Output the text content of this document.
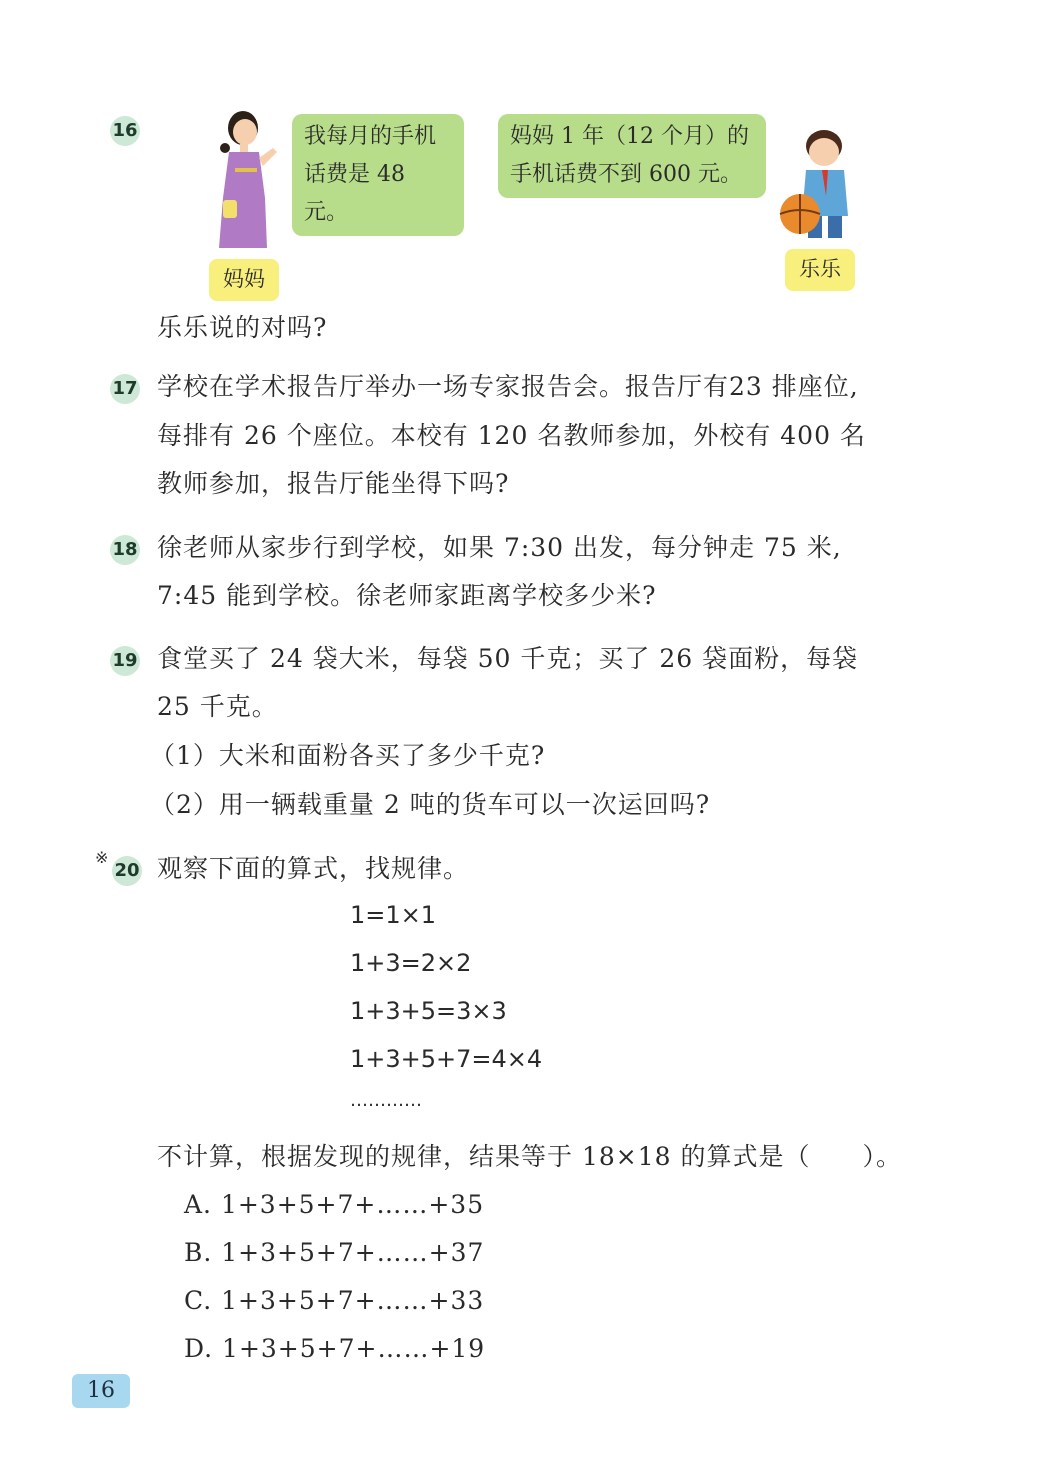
16	我每月的手机
话费是 48 元。
妈妈
妈妈 1 年（12 个月）的
手机话费不到 600 元。
乐乐
乐乐说的对吗?
17 学校在学术报告厅举办一场专家报告会。报告厅有23 排座位,
每排有 26 个座位。本校有 120 名教师参加，外校有 400 名
教师参加，报告厅能坐得下吗?
18 徐老师从家步行到学校，如果 7:30 出发，每分钟走 75 米,
7:45 能到学校。徐老师家距离学校多少米?
19 食堂买了 24 袋大米，每袋 50 千克；买了 26 袋面粉，每袋
25 千克。
（1）大米和面粉各买了多少千克?
（2）用一辆载重量 2 吨的货车可以一次运回吗?
※
20 观察下面的算式，找规律。
1=1×1
1+3=2×2
1+3+5=3×3
1+3+5+7=4×4
…………
不计算，根据发现的规律，结果等于 18×18 的算式是（　　）。
A. 1+3+5+7+……+35
B. 1+3+5+7+……+37
C. 1+3+5+7+……+33
D. 1+3+5+7+……+19
16
